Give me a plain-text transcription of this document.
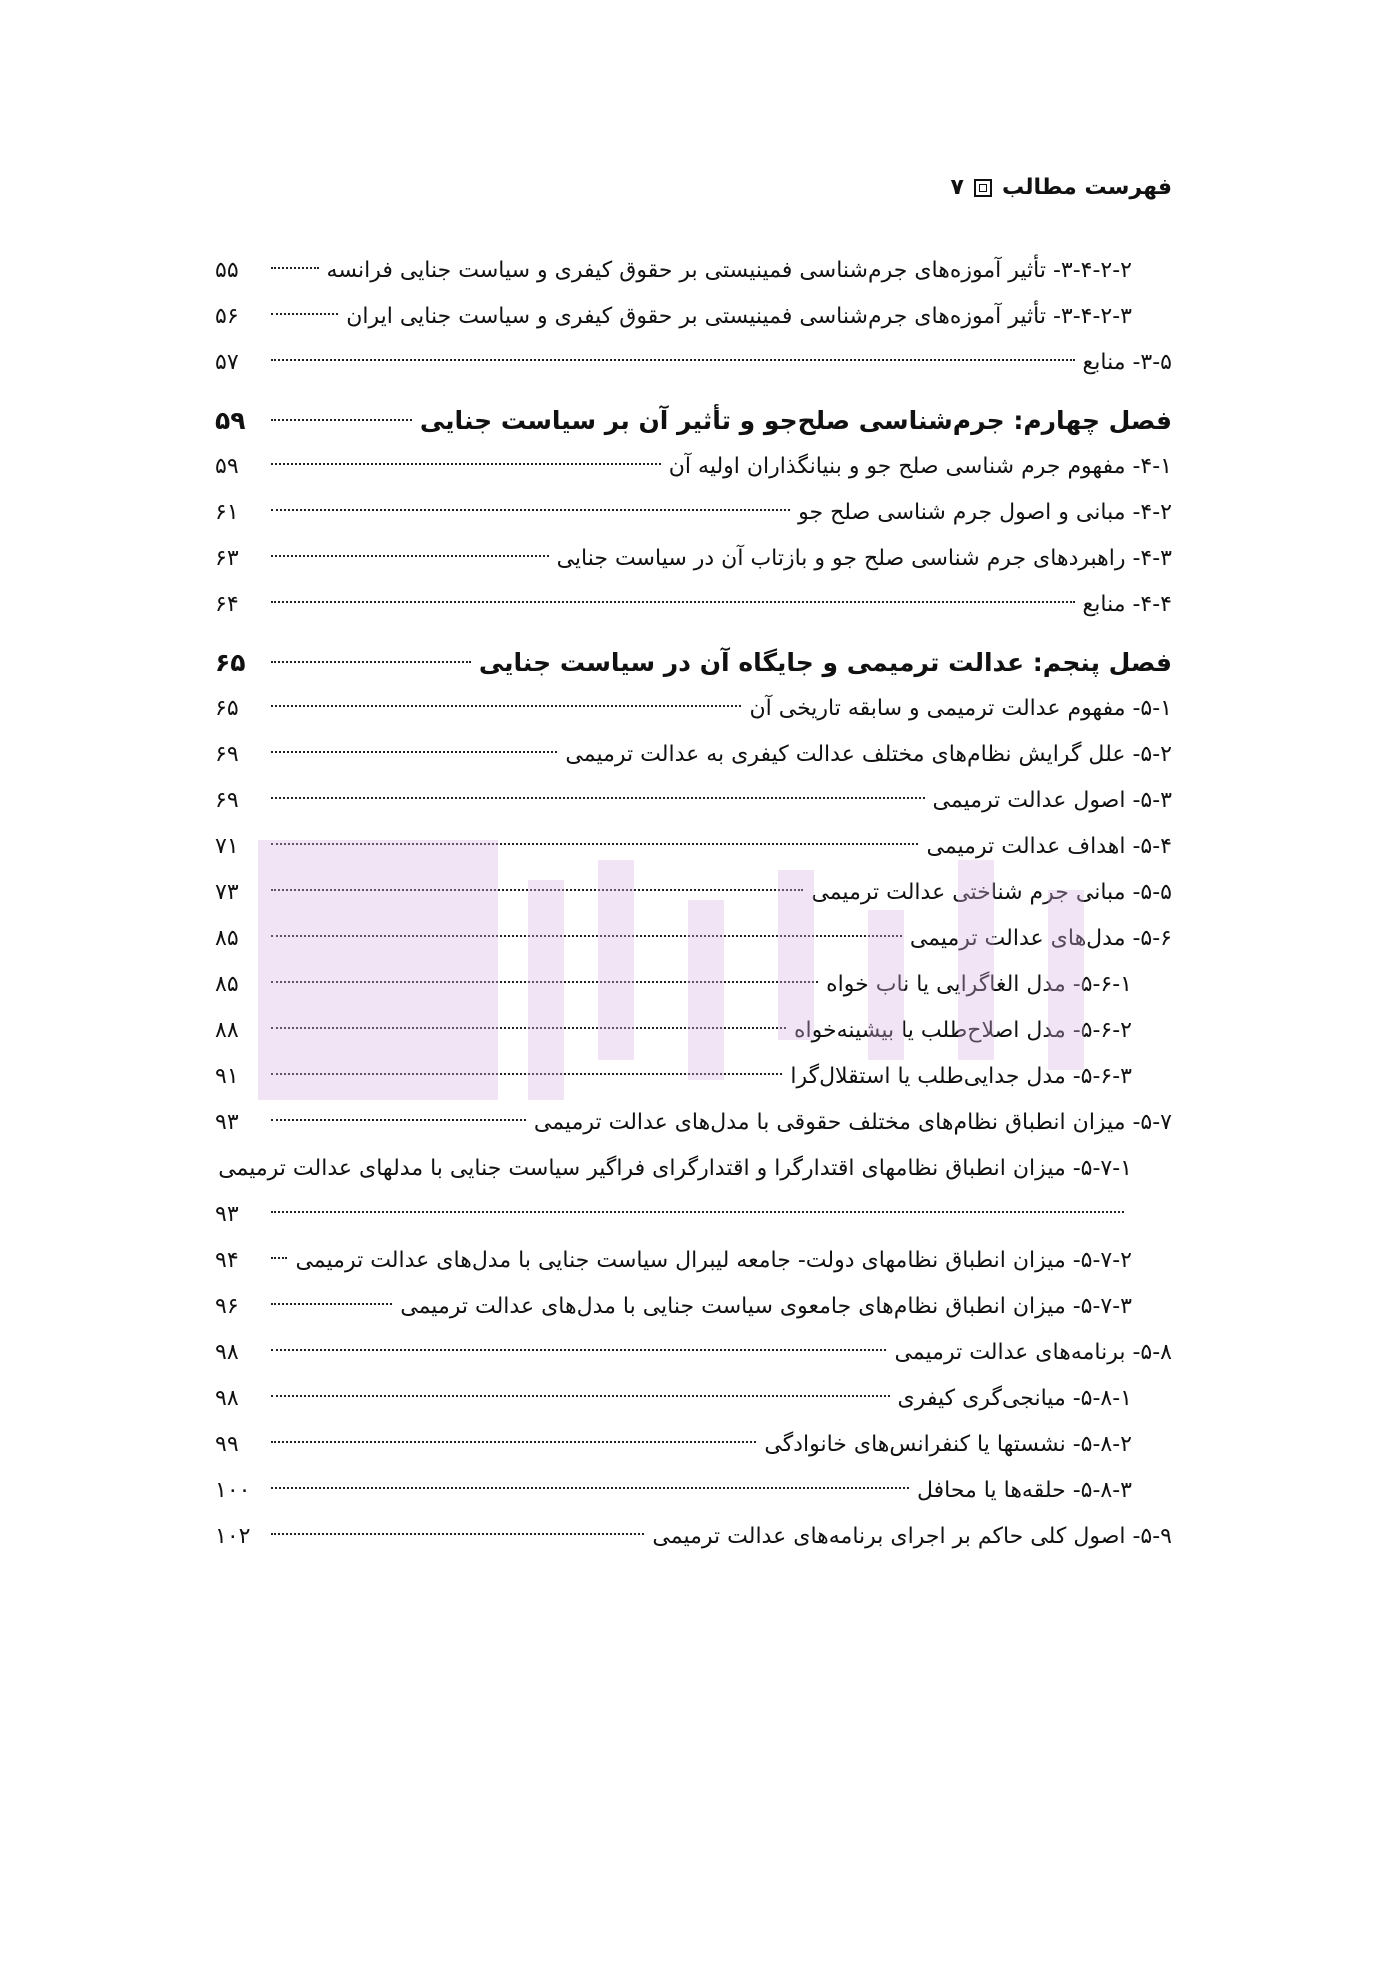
فهرست مطالب
۷
۳-۴-۲-۲- تأثیر آموزه‌های جرم‌شناسی فمینیستی بر حقوق کیفری و سیاست جنایی فرانسه
۵۵
۳-۴-۲-۳- تأثیر آموزه‌های جرم‌شناسی فمینیستی بر حقوق کیفری و سیاست جنایی ایران
۵۶
۳-۵- منابع
۵۷
فصل چهارم: جرم‌شناسی صلح‌جو و تأثیر آن بر سیاست جنایی
۵۹
۴-۱- مفهوم جرم شناسی صلح جو و بنیانگذاران اولیه آن
۵۹
۴-۲- مبانی و اصول جرم شناسی صلح جو
۶۱
۴-۳- راهبردهای جرم شناسی صلح جو و بازتاب آن در سیاست جنایی
۶۳
۴-۴- منابع
۶۴
فصل پنجم: عدالت ترمیمی و جایگاه آن در سیاست جنایی
۶۵
۵-۱- مفهوم عدالت ترمیمی و سابقه تاریخی آن
۶۵
۵-۲- علل گرایش نظام‌های مختلف عدالت کیفری به عدالت ترمیمی
۶۹
۵-۳- اصول عدالت ترمیمی
۶۹
۵-۴- اهداف عدالت ترمیمی
۷۱
۵-۵- مبانی جرم شناختی عدالت ترمیمی
۷۳
۵-۶- مدل‌های عدالت ترمیمی
۸۵
۵-۶-۱- مدل الغاگرایی یا ناب خواه
۸۵
۵-۶-۲- مدل اصلاح‌طلب یا بیشینه‌خواه
۸۸
۵-۶-۳- مدل جدایی‌طلب یا استقلال‌گرا
۹۱
۵-۷- میزان انطباق نظام‌های مختلف حقوقی با مدل‌های عدالت ترمیمی
۹۳
۵-۷-۱- میزان انطباق نظامهای اقتدارگرا و اقتدارگرای فراگیر سیاست جنایی با مدلهای عدالت ترمیمی
۹۳
۵-۷-۲- میزان انطباق نظامهای دولت- جامعه لیبرال سیاست جنایی با مدل‌های عدالت ترمیمی
۹۴
۵-۷-۳- میزان انطباق نظام‌های جامعوی سیاست جنایی با مدل‌های عدالت ترمیمی
۹۶
۵-۸- برنامه‌های عدالت ترمیمی
۹۸
۵-۸-۱- میانجی‌گری کیفری
۹۸
۵-۸-۲- نشستها یا کنفرانس‌های خانوادگی
۹۹
۵-۸-۳- حلقه‌ها یا محافل
۱۰۰
۵-۹- اصول کلی حاکم بر اجرای برنامه‌های عدالت ترمیمی
۱۰۲
